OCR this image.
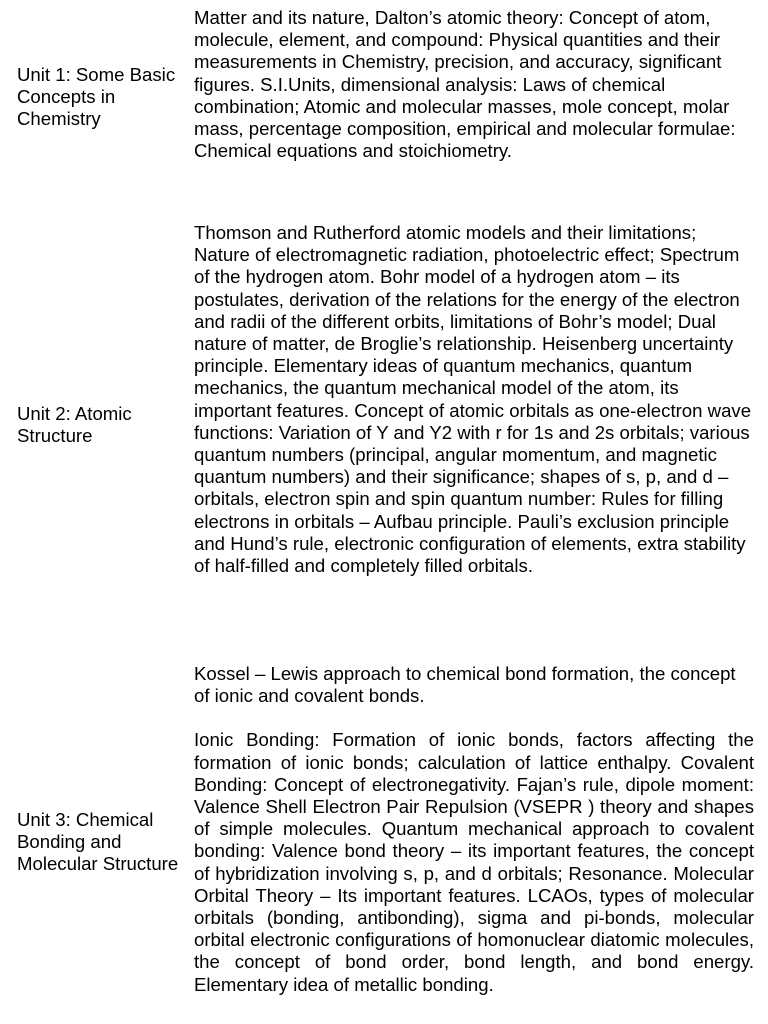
Unit 1: Some Basic Concepts in Chemistry

Matter and its nature, Dalton’s atomic theory: Concept of atom, molecule, element, and compound: Physical quantities and their measurements in Chemistry, precision, and accuracy, significant figures. S.I.Units, dimensional analysis: Laws of chemical combination; Atomic and molecular masses, mole concept, molar mass, percentage composition, empirical and molecular formulae: Chemical equations and stoichiometry.

Unit 2: Atomic Structure

Thomson and Rutherford atomic models and their limitations; Nature of electromagnetic radiation, photoelectric effect; Spectrum of the hydrogen atom. Bohr model of a hydrogen atom – its postulates, derivation of the relations for the energy of the electron and radii of the different orbits, limitations of Bohr’s model; Dual nature of matter, de Broglie’s relationship. Heisenberg uncertainty principle. Elementary ideas of quantum mechanics, quantum mechanics, the quantum mechanical model of the atom, its important features. Concept of atomic orbitals as one-electron wave functions: Variation of Y and Y2 with r for 1s and 2s orbitals; various quantum numbers (principal, angular momentum, and magnetic quantum numbers) and their significance; shapes of s, p, and d – orbitals, electron spin and spin quantum number: Rules for filling electrons in orbitals – Aufbau principle. Pauli’s exclusion principle and Hund’s rule, electronic configuration of elements, extra stability of half-filled and completely filled orbitals.

Unit 3: Chemical Bonding and Molecular Structure

Kossel – Lewis approach to chemical bond formation, the concept of ionic and covalent bonds.

Ionic Bonding: Formation of ionic bonds, factors affecting the formation of ionic bonds; calculation of lattice enthalpy. Covalent Bonding: Concept of electronegativity. Fajan’s rule, dipole moment: Valence Shell Electron Pair Repulsion (VSEPR ) theory and shapes of simple molecules. Quantum mechanical approach to covalent bonding: Valence bond theory – its important features, the concept of hybridization involving s, p, and d orbitals; Resonance. Molecular Orbital Theory – Its important features. LCAOs, types of molecular orbitals (bonding, antibonding), sigma and pi-bonds, molecular orbital electronic configurations of homonuclear diatomic molecules, the concept of bond order, bond length, and bond energy. Elementary idea of metallic bonding.
